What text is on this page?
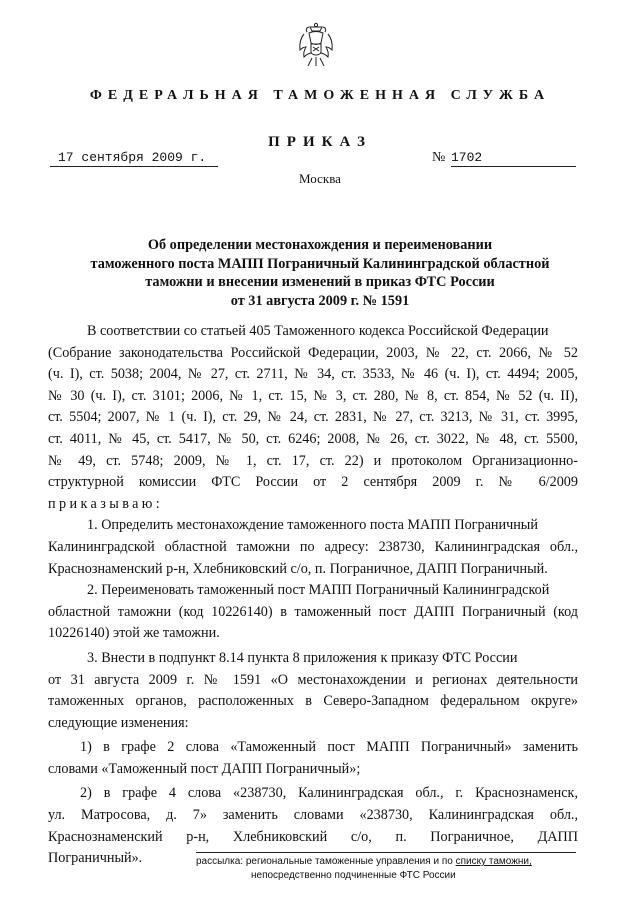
ФЕДЕРАЛЬНАЯ ТАМОЖЕННАЯ СЛУЖБА
ПРИКАЗ
17 сентября 2009 г.	№ 1702
Москва
Об определении местонахождения и переименовании
таможенного поста МАПП Пограничный Калининградской областной
таможни и внесении изменений в приказ ФТС России
от 31 августа 2009 г. № 1591
В соответствии со статьей 405 Таможенного кодекса Российской Федерации
(Собрание законодательства Российской Федерации, 2003, № 22, ст. 2066, № 52
(ч. I), ст. 5038; 2004, № 27, ст. 2711, № 34, ст. 3533, № 46 (ч. I), ст. 4494; 2005,
№ 30 (ч. I), ст. 3101; 2006, № 1, ст. 15, № 3, ст. 280, № 8, ст. 854, № 52 (ч. II),
ст. 5504; 2007, № 1 (ч. I), ст. 29, № 24, ст. 2831, № 27, ст. 3213, № 31, ст. 3995,
ст. 4011, № 45, ст. 5417, № 50, ст. 6246; 2008, № 26, ст. 3022, № 48, ст. 5500,
№ 49, ст. 5748; 2009, № 1, ст. 17, ст. 22) и протоколом Организационно-
структурной комиссии ФТС России от 2 сентября 2009 г. № 6/2009
приказываю:
1. Определить местонахождение таможенного поста МАПП Пограничный
Калининградской областной таможни по адресу: 238730, Калининградская обл.,
Краснознаменский р-н, Хлебниковский с/о, п. Пограничное, ДАПП Пограничный.
2. Переименовать таможенный пост МАПП Пограничный Калининградской
областной таможни (код 10226140) в таможенный пост ДАПП Пограничный (код
10226140) этой же таможни.
3. Внести в подпункт 8.14 пункта 8 приложения к приказу ФТС России
от 31 августа 2009 г. № 1591 «О местонахождении и регионах деятельности
таможенных органов, расположенных в Северо-Западном федеральном округе»
следующие изменения:
1) в графе 2 слова «Таможенный пост МАПП Пограничный» заменить
словами «Таможенный пост ДАПП Пограничный»;
2) в графе 4 слова «238730, Калининградская обл., г. Краснознаменск,
ул. Матросова, д. 7» заменить словами «238730, Калининградская обл.,
Краснознаменский р-н, Хлебниковский с/о, п. Пограничное, ДАПП
Пограничный».	рассылка: региональные таможенные управления и по списку таможни,
непосредственно подчиненные ФТС России
